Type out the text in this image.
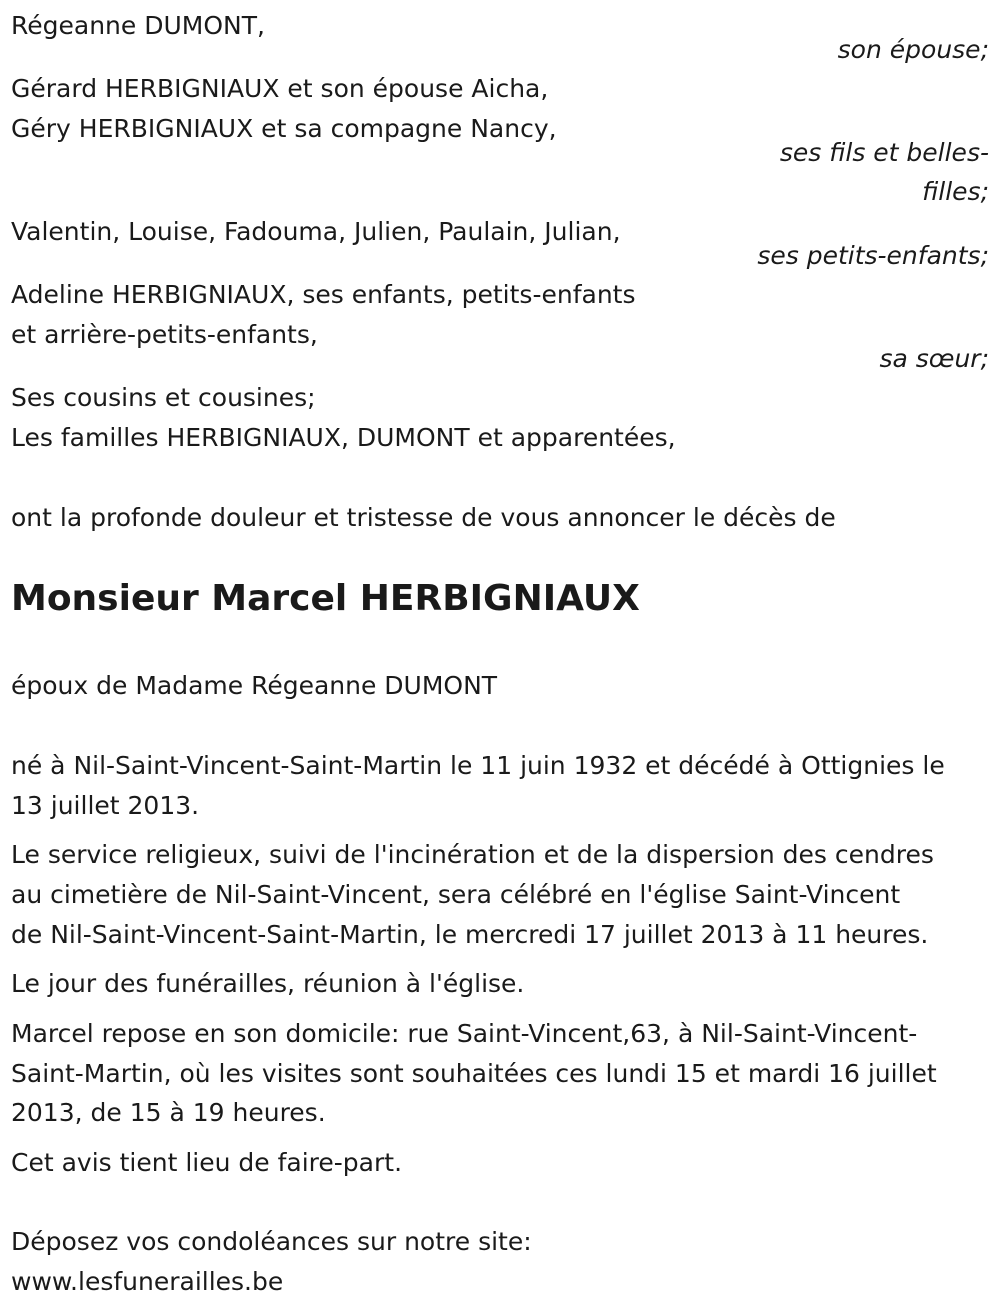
Régeanne DUMONT,
son épouse;
Gérard HERBIGNIAUX et son épouse Aicha,
Géry HERBIGNIAUX et sa compagne Nancy,
ses fils et belles-
filles;
Valentin, Louise, Fadouma, Julien, Paulain, Julian,
ses petits-enfants;
Adeline HERBIGNIAUX, ses enfants, petits-enfants
et arrière-petits-enfants,
sa sœur;
Ses cousins et cousines;
Les familles HERBIGNIAUX, DUMONT et apparentées,
ont la profonde douleur et tristesse de vous annoncer le décès de
Monsieur Marcel HERBIGNIAUX
époux de Madame Régeanne DUMONT
né à Nil-Saint-Vincent-Saint-Martin le 11 juin 1932 et décédé à Ottignies le
13 juillet 2013.
Le service religieux, suivi de l'incinération et de la dispersion des cendres
au cimetière de Nil-Saint-Vincent, sera célébré en l'église Saint-Vincent
de Nil-Saint-Vincent-Saint-Martin, le mercredi 17 juillet 2013 à 11 heures.
Le jour des funérailles, réunion à l'église.
Marcel repose en son domicile: rue Saint-Vincent,63, à Nil-Saint-Vincent-
Saint-Martin, où les visites sont souhaitées ces lundi 15 et mardi 16 juillet
2013, de 15 à 19 heures.
Cet avis tient lieu de faire-part.
Déposez vos condoléances sur notre site:
www.lesfunerailles.be
